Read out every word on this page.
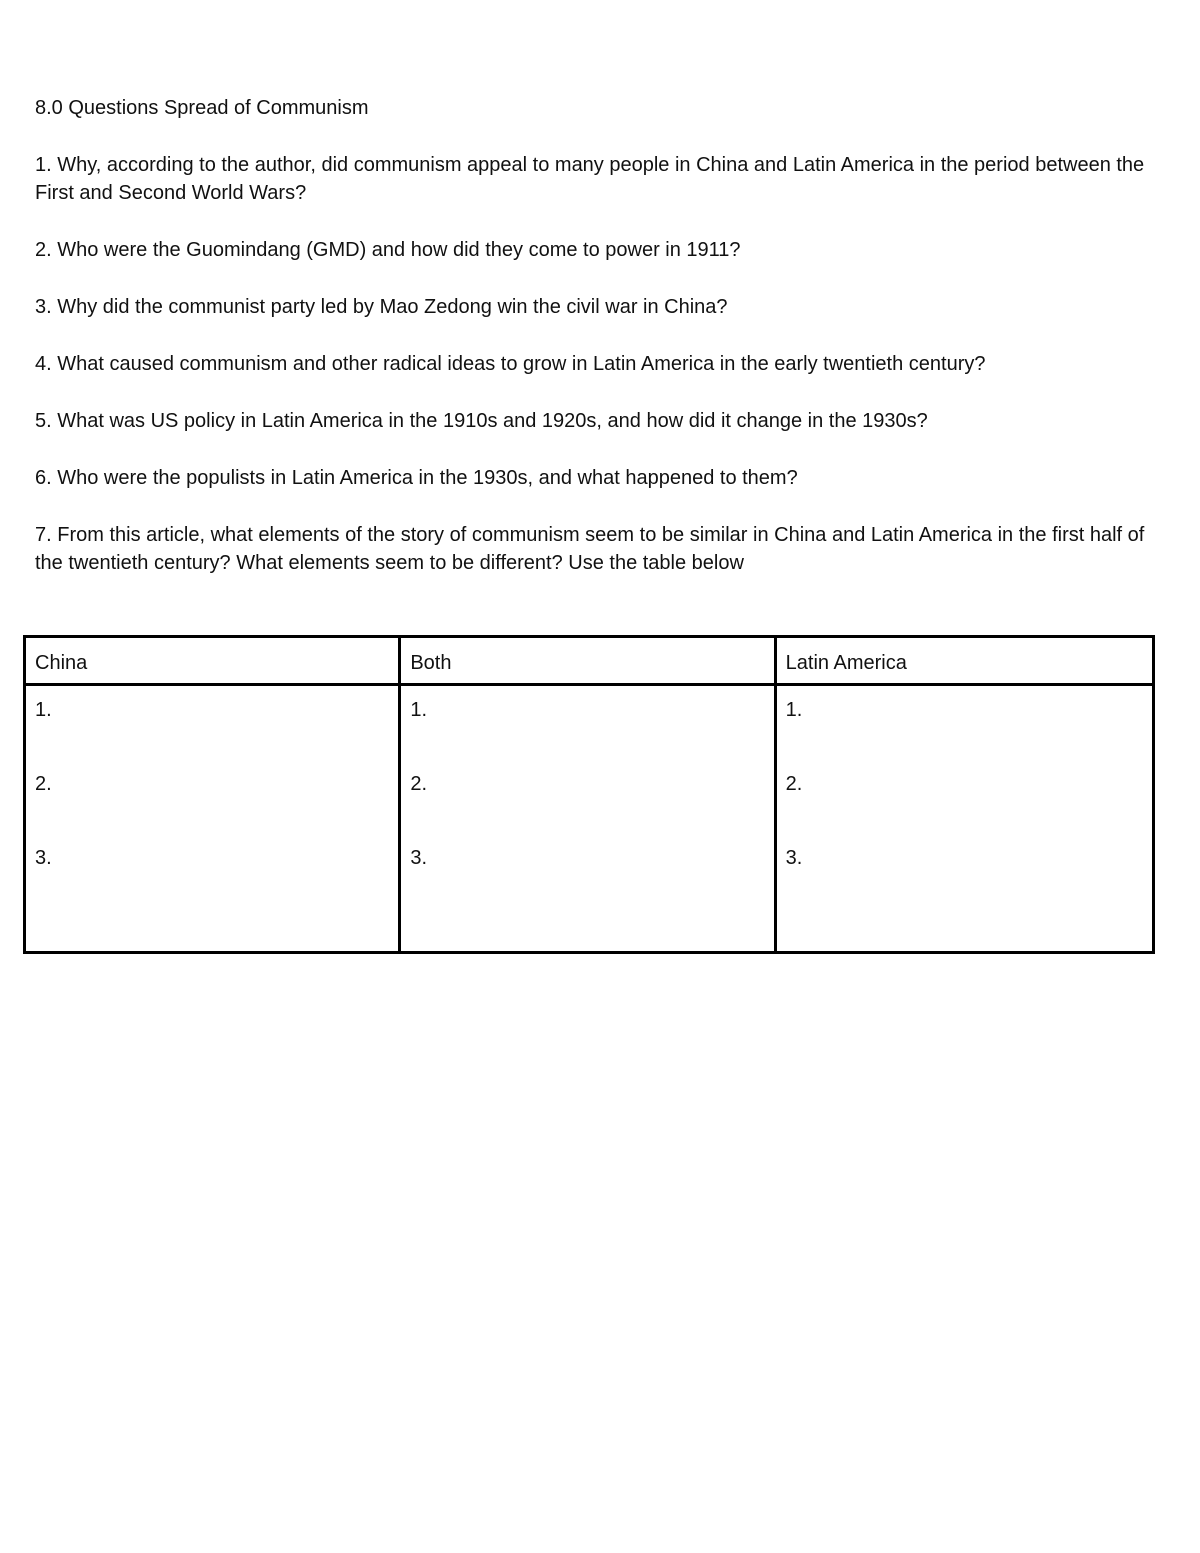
8.0 Questions Spread of Communism

1. Why, according to the author, did communism appeal to many people in China and Latin America in the period between the First and Second World Wars?

2. Who were the Guomindang (GMD) and how did they come to power in 1911?

3. Why did the communist party led by Mao Zedong win the civil war in China?

4. What caused communism and other radical ideas to grow in Latin America in the early twentieth century?

5. What was US policy in Latin America in the 1910s and 1920s, and how did it change in the 1930s?

6. Who were the populists in Latin America in the 1930s, and what happened to them?

7. From this article, what elements of the story of communism seem to be similar in China and Latin America in the first half of the twentieth century? What elements seem to be different? Use the table below

China	Both	Latin America
1.
2.
3.
1.
2.
3.
1.
2.
3.
